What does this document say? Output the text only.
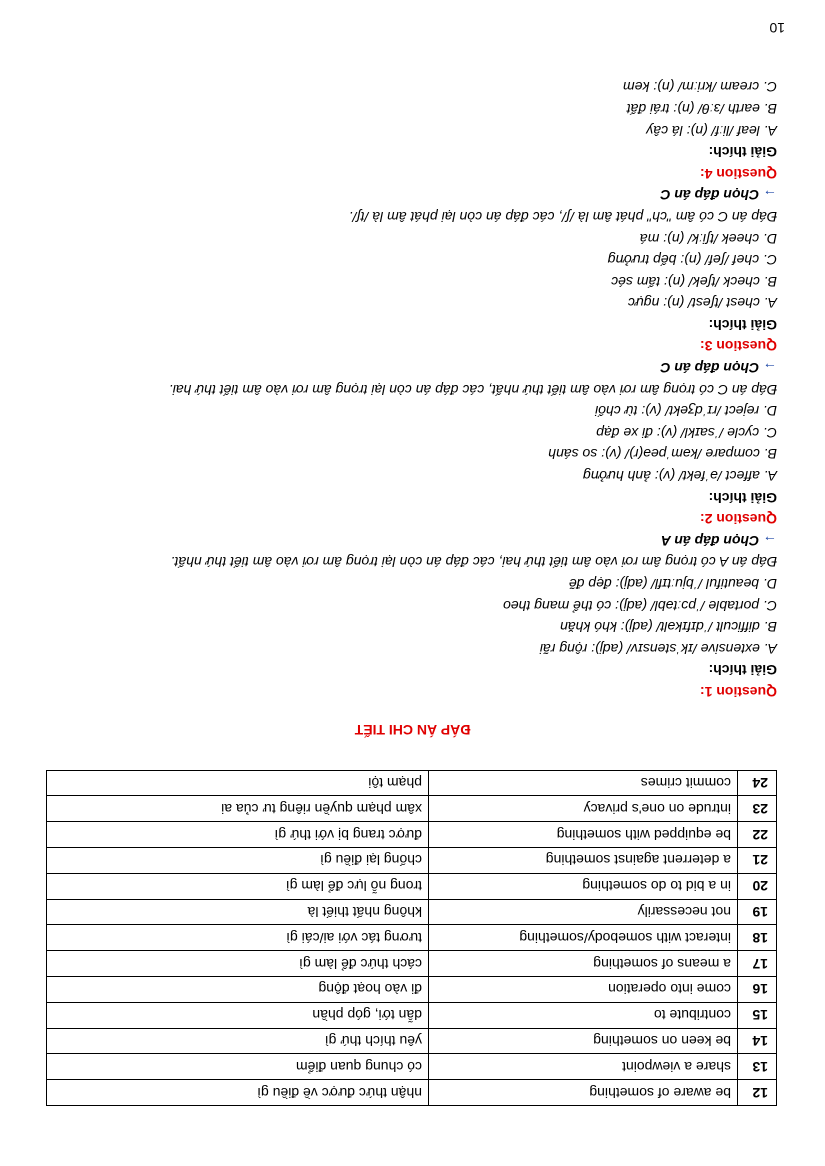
12	be aware of something	nhận thức được về điều gì
13	share a viewpoint	có chung quan điểm
14	be keen on something	yêu thích thứ gì
15	contribute to	dẫn tới, góp phần
16	come into operation	đi vào hoạt động
17	a means of something	cách thức để làm gì
18	interact with somebody/something	tương tác với ai/cái gì
19	not necessarily	không nhất thiết là
20	in a bid to do something	trong nỗ lực để làm gì
21	a deterrent against something	chống lại điều gì
22	be equipped with something	được trang bị với thứ gì
23	intrude on one's privacy	xâm phạm quyền riêng tư của ai
24	commit crimes	phạm tội
ĐÁP ÁN CHI TIẾT
Question 1:
Giải thích:
A. extensive /ɪkˈstensɪv/ (adj): rộng rãi
B. difficult /ˈdɪfɪkəlt/ (adj): khó khăn
C. portable /ˈpɔːtəbl/ (adj): có thể mang theo
D. beautiful /ˈbjuːtɪfl/ (adj): đẹp đẽ
Đáp án A có trọng âm rơi vào âm tiết thứ hai, các đáp án còn lại trọng âm rơi vào âm tiết thứ nhất.
→ Chọn đáp án A
Question 2:
Giải thích:
A. affect /əˈfekt/ (v): ảnh hưởng
B. compare /kəmˈpeə(r)/ (v): so sánh
C. cycle /ˈsaɪkl/ (v): đi xe đạp
D. reject /rɪˈdʒekt/ (v): từ chối
Đáp án C có trọng âm rơi vào âm tiết thứ nhất, các đáp án còn lại trọng âm rơi vào âm tiết thứ hai.
→ Chọn đáp án C
Question 3:
Giải thích:
A. chest /tʃest/ (n): ngực
B. check /tʃek/ (n): tấm séc
C. chef /ʃef/ (n): bếp trưởng
D. cheek /tʃiːk/ (n): má
Đáp án C có âm "ch" phát âm là /ʃ/, các đáp án còn lại phát âm là /tʃ/.
→ Chọn đáp án C
Question 4:
Giải thích:
A. leaf /liːf/ (n): lá cây
B. earth /ɜːθ/ (n): trái đất
C. cream /kriːm/ (n): kem
10
